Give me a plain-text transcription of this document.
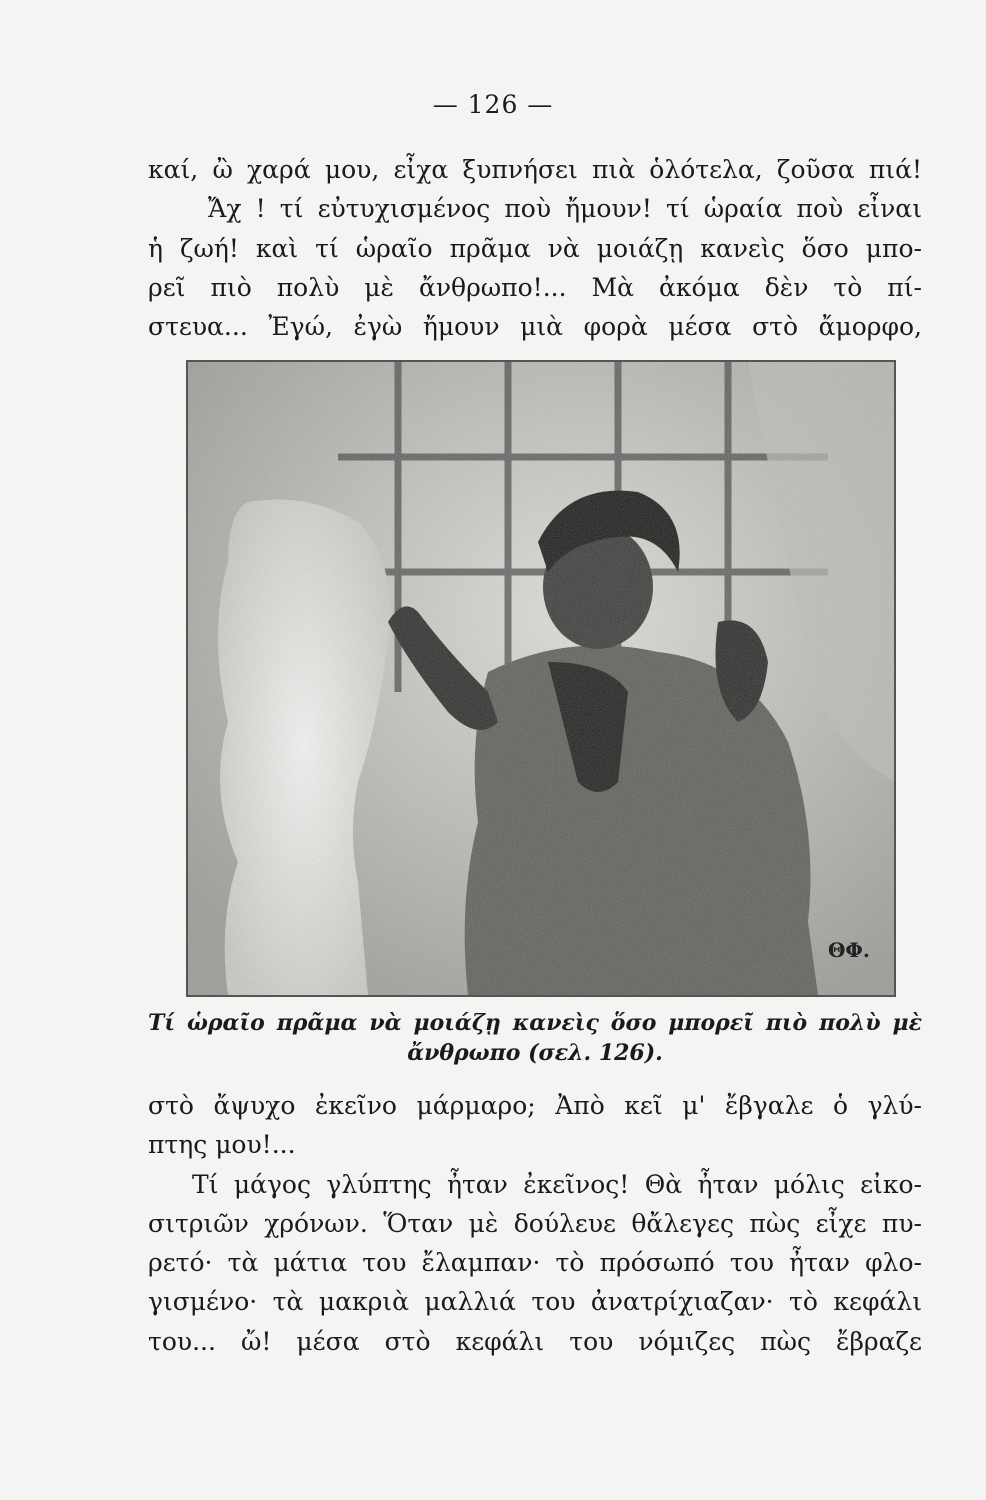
— 126 —
καί, ὢ χαρά μου, εἶχα ξυπνήσει πιὰ ὁλότελα, ζοῦσα πιά!
Ἄχ ! τί εὐτυχισμένος ποὺ ἤμουν! τί ὡραία ποὺ εἶναι
ἡ ζωή! καὶ τί ὡραῖο πρᾶμα νὰ μοιάζῃ κανεὶς ὅσο μπο-
ρεῖ πιὸ πολὺ μὲ ἄνθρωπο!... Μὰ ἀκόμα δὲν τὸ πί-
στευα... Ἐγώ, ἐγὼ ἤμουν μιὰ φορὰ μέσα στὸ ἄμορφο,
ΘΦ.
Τί ὡραῖο πρᾶμα νὰ μοιάζῃ κανεὶς ὅσο μπορεῖ πιὸ πολὺ μὲ
ἄνθρωπο (σελ. 126).
στὸ ἄψυχο ἐκεῖνο μάρμαρο; Ἀπὸ κεῖ μ' ἔβγαλε ὁ γλύ-
πτης μου!...
Τί μάγος γλύπτης ἦταν ἐκεῖνος! Θὰ ἦταν μόλις εἰκο-
σιτριῶν χρόνων. Ὅταν μὲ δούλευε θἄλεγες πὼς εἶχε πυ-
ρετό· τὰ μάτια του ἔλαμπαν· τὸ πρόσωπό του ἦταν φλο-
γισμένο· τὰ μακριὰ μαλλιά του ἀνατρίχιαζαν· τὸ κεφάλι
του... ὤ! μέσα στὸ κεφάλι του νόμιζες πὼς ἔβραζε
